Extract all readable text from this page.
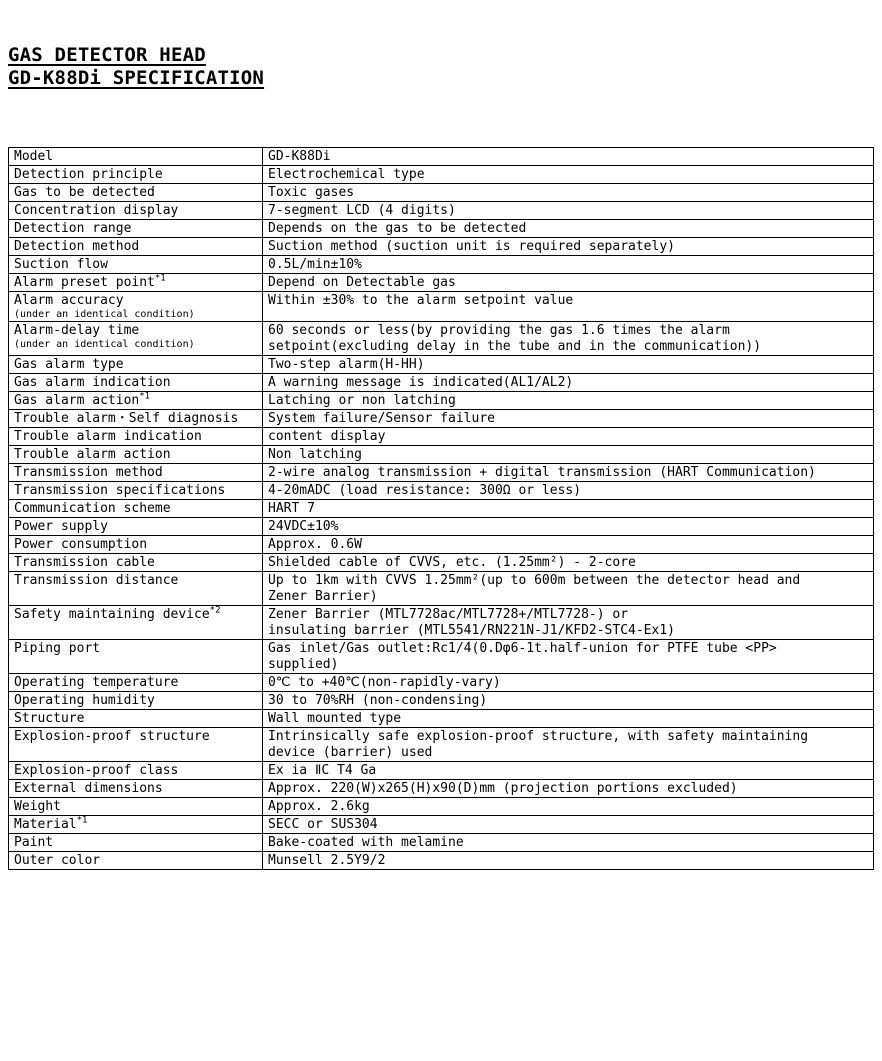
GAS DETECTOR HEAD
GD-K88Di SPECIFICATION
Model	GD-K88Di

Detection principle	Electrochemical type

Gas to be detected	Toxic gases

Concentration display	7-segment LCD (4 digits)

Detection range	Depends on the gas to be detected

Detection method	Suction method (suction unit is required separately)

Suction flow	0.5L/min±10%

Alarm preset point$^{*1}$	Depend on Detectable gas

Alarm accuracy
(under an identical condition)	Within ±30% to the alarm setpoint value

Alarm-delay time
(under an identical condition)	60 seconds or less(by providing the gas 1.6 times the alarm
setpoint(excluding delay in the tube and in the communication))

Gas alarm type	Two-step alarm(H-HH)

Gas alarm indication	A warning message is indicated(AL1/AL2)

Gas alarm action$^{*1}$	Latching or non latching

Trouble alarm・Self diagnosis	System failure/Sensor failure

Trouble alarm indication	content display

Trouble alarm action	Non latching

Transmission method	2-wire analog transmission + digital transmission (HART Communication)

Transmission specifications	4-20mADC (load resistance: 300Ω or less)

Communication scheme	HART 7

Power supply	24VDC±10%

Power consumption	Approx. 0.6W

Transmission cable	Shielded cable of CVVS, etc. (1.25mm²) - 2-core

Transmission distance	Up to 1km with CVVS 1.25mm²(up to 600m between the detector head and
Zener Barrier)

Safety maintaining device$^{*2}$	Zener Barrier (MTL7728ac/MTL7728+/MTL7728-) or
insulating barrier (MTL5541/RN221N-J1/KFD2-STC4-Ex1)

Piping port	Gas inlet/Gas outlet:Rc1/4(0.Dφ6-1t.half-union for PTFE tube <PP>
supplied)

Operating temperature	0℃ to +40℃(non-rapidly-vary)

Operating humidity	30 to 70%RH (non-condensing)

Structure	Wall mounted type

Explosion-proof structure	Intrinsically safe explosion-proof structure, with safety maintaining
device (barrier) used

Explosion-proof class	Ex ia ⅡC T4 Ga

External dimensions	Approx. 220(W)x265(H)x90(D)mm (projection portions excluded)

Weight	Approx. 2.6kg

Material$^{*1}$	SECC or SUS304

Paint	Bake-coated with melamine

Outer color	Munsell 2.5Y9/2
